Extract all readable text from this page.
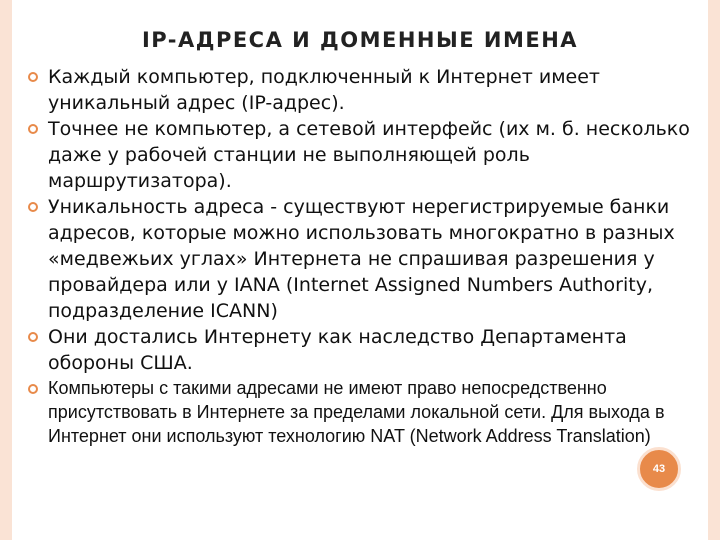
IP-АДРЕСА И ДОМЕННЫЕ ИМЕНА
Каждый компьютер, подключенный к Интернет имеет уникальный адрес (IP-адрес).
Точнее не компьютер, а сетевой интерфейс (их м. б. несколько даже у рабочей станции не выполняющей роль маршрутизатора).
Уникальность адреса - существуют нерегистрируемые банки адресов, которые можно использовать многократно в разных «медвежьих углах» Интернета не спрашивая разрешения у провайдера или у IANA (Internet Assigned Numbers Authority, подразделение ICANN)
Они достались Интернету как наследство Департамента обороны США.
Компьютеры с такими адресами не имеют право непосредственно присутствовать в Интернете за пределами локальной сети. Для выхода в Интернет они используют технологию NAT (Network Address Translation)
43
